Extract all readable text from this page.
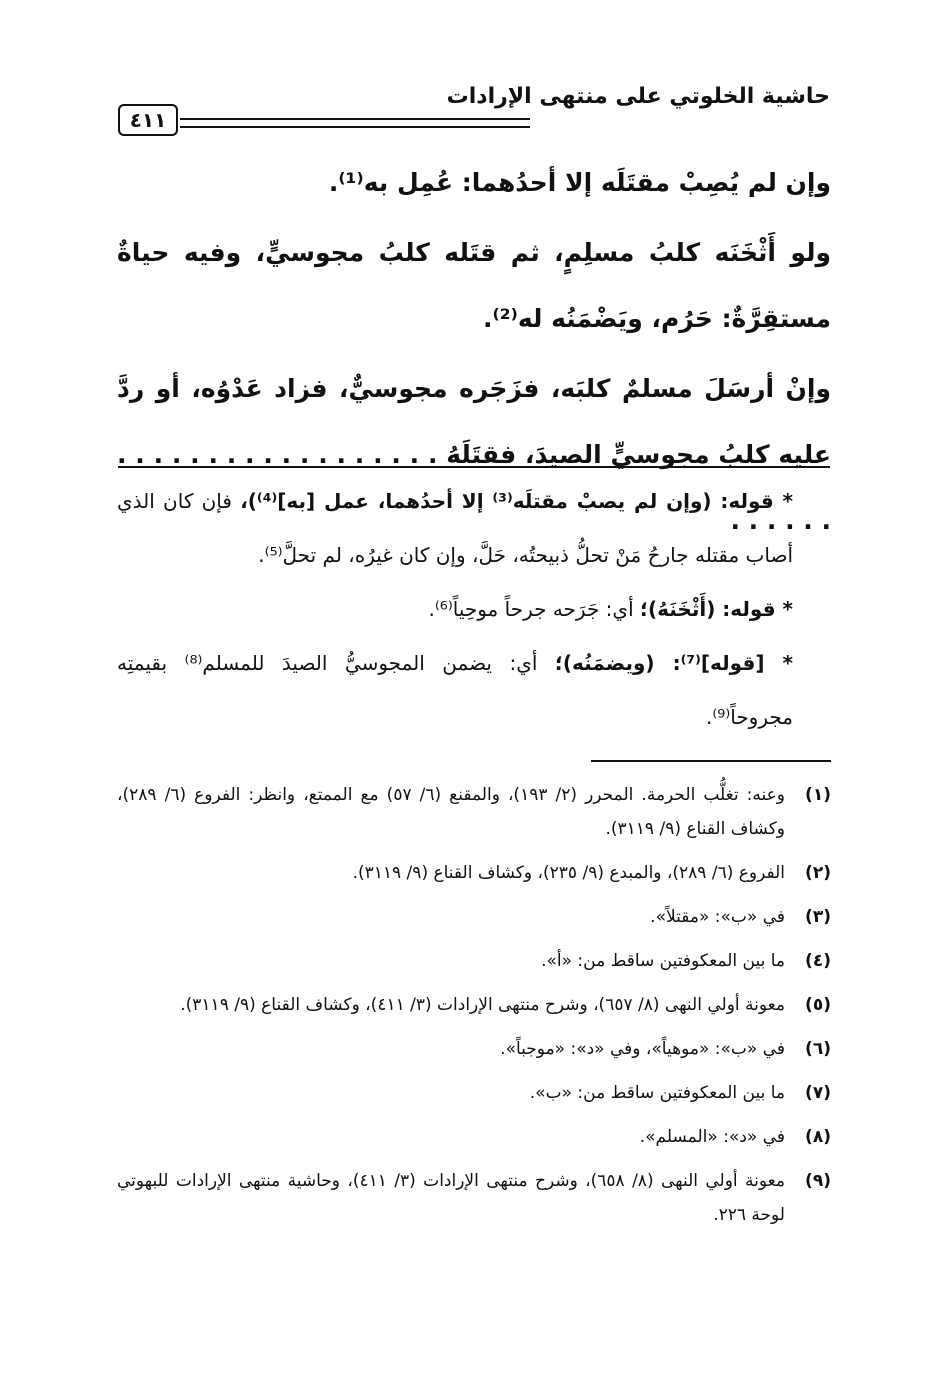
حاشية الخلوتي على منتهى الإرادات
٤١١

وإن لم يُصِبْ مقتَلَه إلا أحدُهما: عُمِل به⁽¹⁾.

ولو أَثْخَنَه كلبُ مسلِمٍ، ثم قتَله كلبُ مجوسيٍّ، وفيه حياةٌ مستقِرَّةٌ: حَرُم، ويَضْمَنُه له⁽²⁾.

وإنْ أرسَلَ مسلمٌ كلبَه، فزَجَره مجوسيٌّ، فزاد عَدْوُه، أو ردَّ عليه كلبُ مجوسيٍّ الصيدَ، فقتَلَهُ . . . . . . . . . . . . . . . . . . . . . . . .

* قوله: (وإن لم يصبْ مقتلَه⁽³⁾ إلا أحدُهما، عمل [به]⁽⁴⁾)، فإن كان الذي أصاب مقتله جارحُ مَنْ تحلُّ ذبيحتُه، حَلَّ، وإن كان غيرُه، لم تحلَّ⁽⁵⁾.

* قوله: (أَثْخَنَهُ)؛ أي: جَرَحه جرحاً موحِياً⁽⁶⁾.

* [قوله]⁽⁷⁾: (ويضمَنُه)؛ أي: يضمن المجوسيُّ الصيدَ للمسلم⁽⁸⁾ بقيمتِه مجروحاً⁽⁹⁾.

(١)
وعنه: تغلُّب الحرمة. المحرر (٢/ ١٩٣)، والمقنع (٦/ ٥٧) مع الممتع، وانظر: الفروع (٦/ ٢٨٩)، وكشاف القناع (٩/ ٣١١٩).
(٢)
الفروع (٦/ ٢٨٩)، والمبدع (٩/ ٢٣٥)، وكشاف القناع (٩/ ٣١١٩).
(٣)
في «ب»: «مقتلاً».
(٤)
ما بين المعكوفتين ساقط من: «أ».
(٥)
معونة أولي النهى (٨/ ٦٥٧)، وشرح منتهى الإرادات (٣/ ٤١١)، وكشاف القناع (٩/ ٣١١٩).
(٦)
في «ب»: «موهياً»، وفي «د»: «موجباً».
(٧)
ما بين المعكوفتين ساقط من: «ب».
(٨)
في «د»: «المسلم».
(٩)
معونة أولي النهى (٨/ ٦٥٨)، وشرح منتهى الإرادات (٣/ ٤١١)، وحاشية منتهى الإرادات للبهوتي لوحة ٢٢٦.
